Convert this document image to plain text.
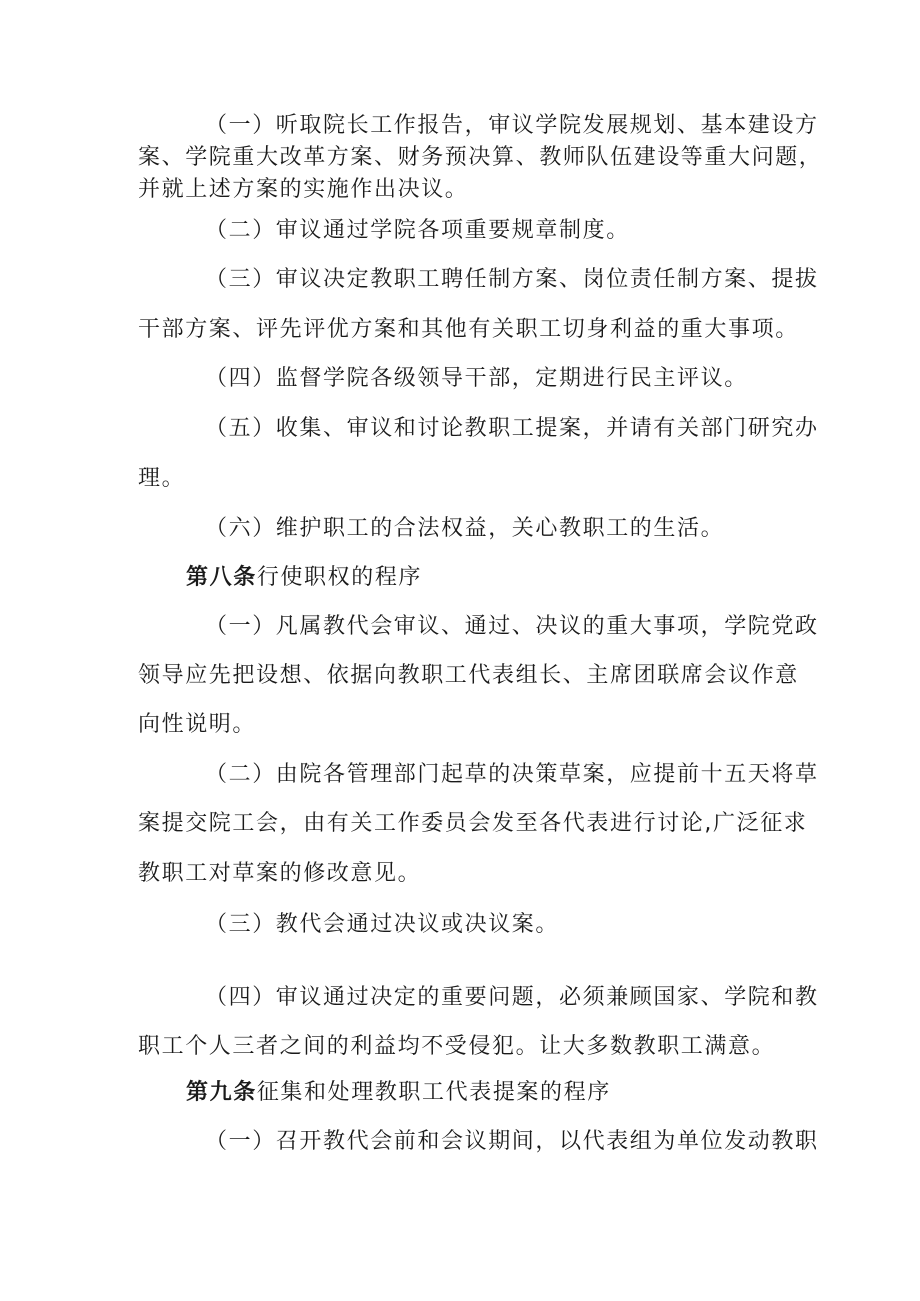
（一）听取院长工作报告，审议学院发展规划、基本建设方
案、学院重大改革方案、财务预决算、教师队伍建设等重大问题，
并就上述方案的实施作出决议。
（二）审议通过学院各项重要规章制度。
（三）审议决定教职工聘任制方案、岗位责任制方案、提拔
干部方案、评先评优方案和其他有关职工切身利益的重大事项。
（四）监督学院各级领导干部，定期进行民主评议。
（五）收集、审议和讨论教职工提案，并请有关部门研究办
理。
（六）维护职工的合法权益，关心教职工的生活。
第八条行使职权的程序
（一）凡属教代会审议、通过、决议的重大事项，学院党政
领导应先把设想、依据向教职工代表组长、主席团联席会议作意
向性说明。
（二）由院各管理部门起草的决策草案，应提前十五天将草
案提交院工会，由有关工作委员会发至各代表进行讨论,广泛征求
教职工对草案的修改意见。
（三）教代会通过决议或决议案。
（四）审议通过决定的重要问题，必须兼顾国家、学院和教
职工个人三者之间的利益均不受侵犯。让大多数教职工满意。
第九条征集和处理教职工代表提案的程序
（一）召开教代会前和会议期间，以代表组为单位发动教职
